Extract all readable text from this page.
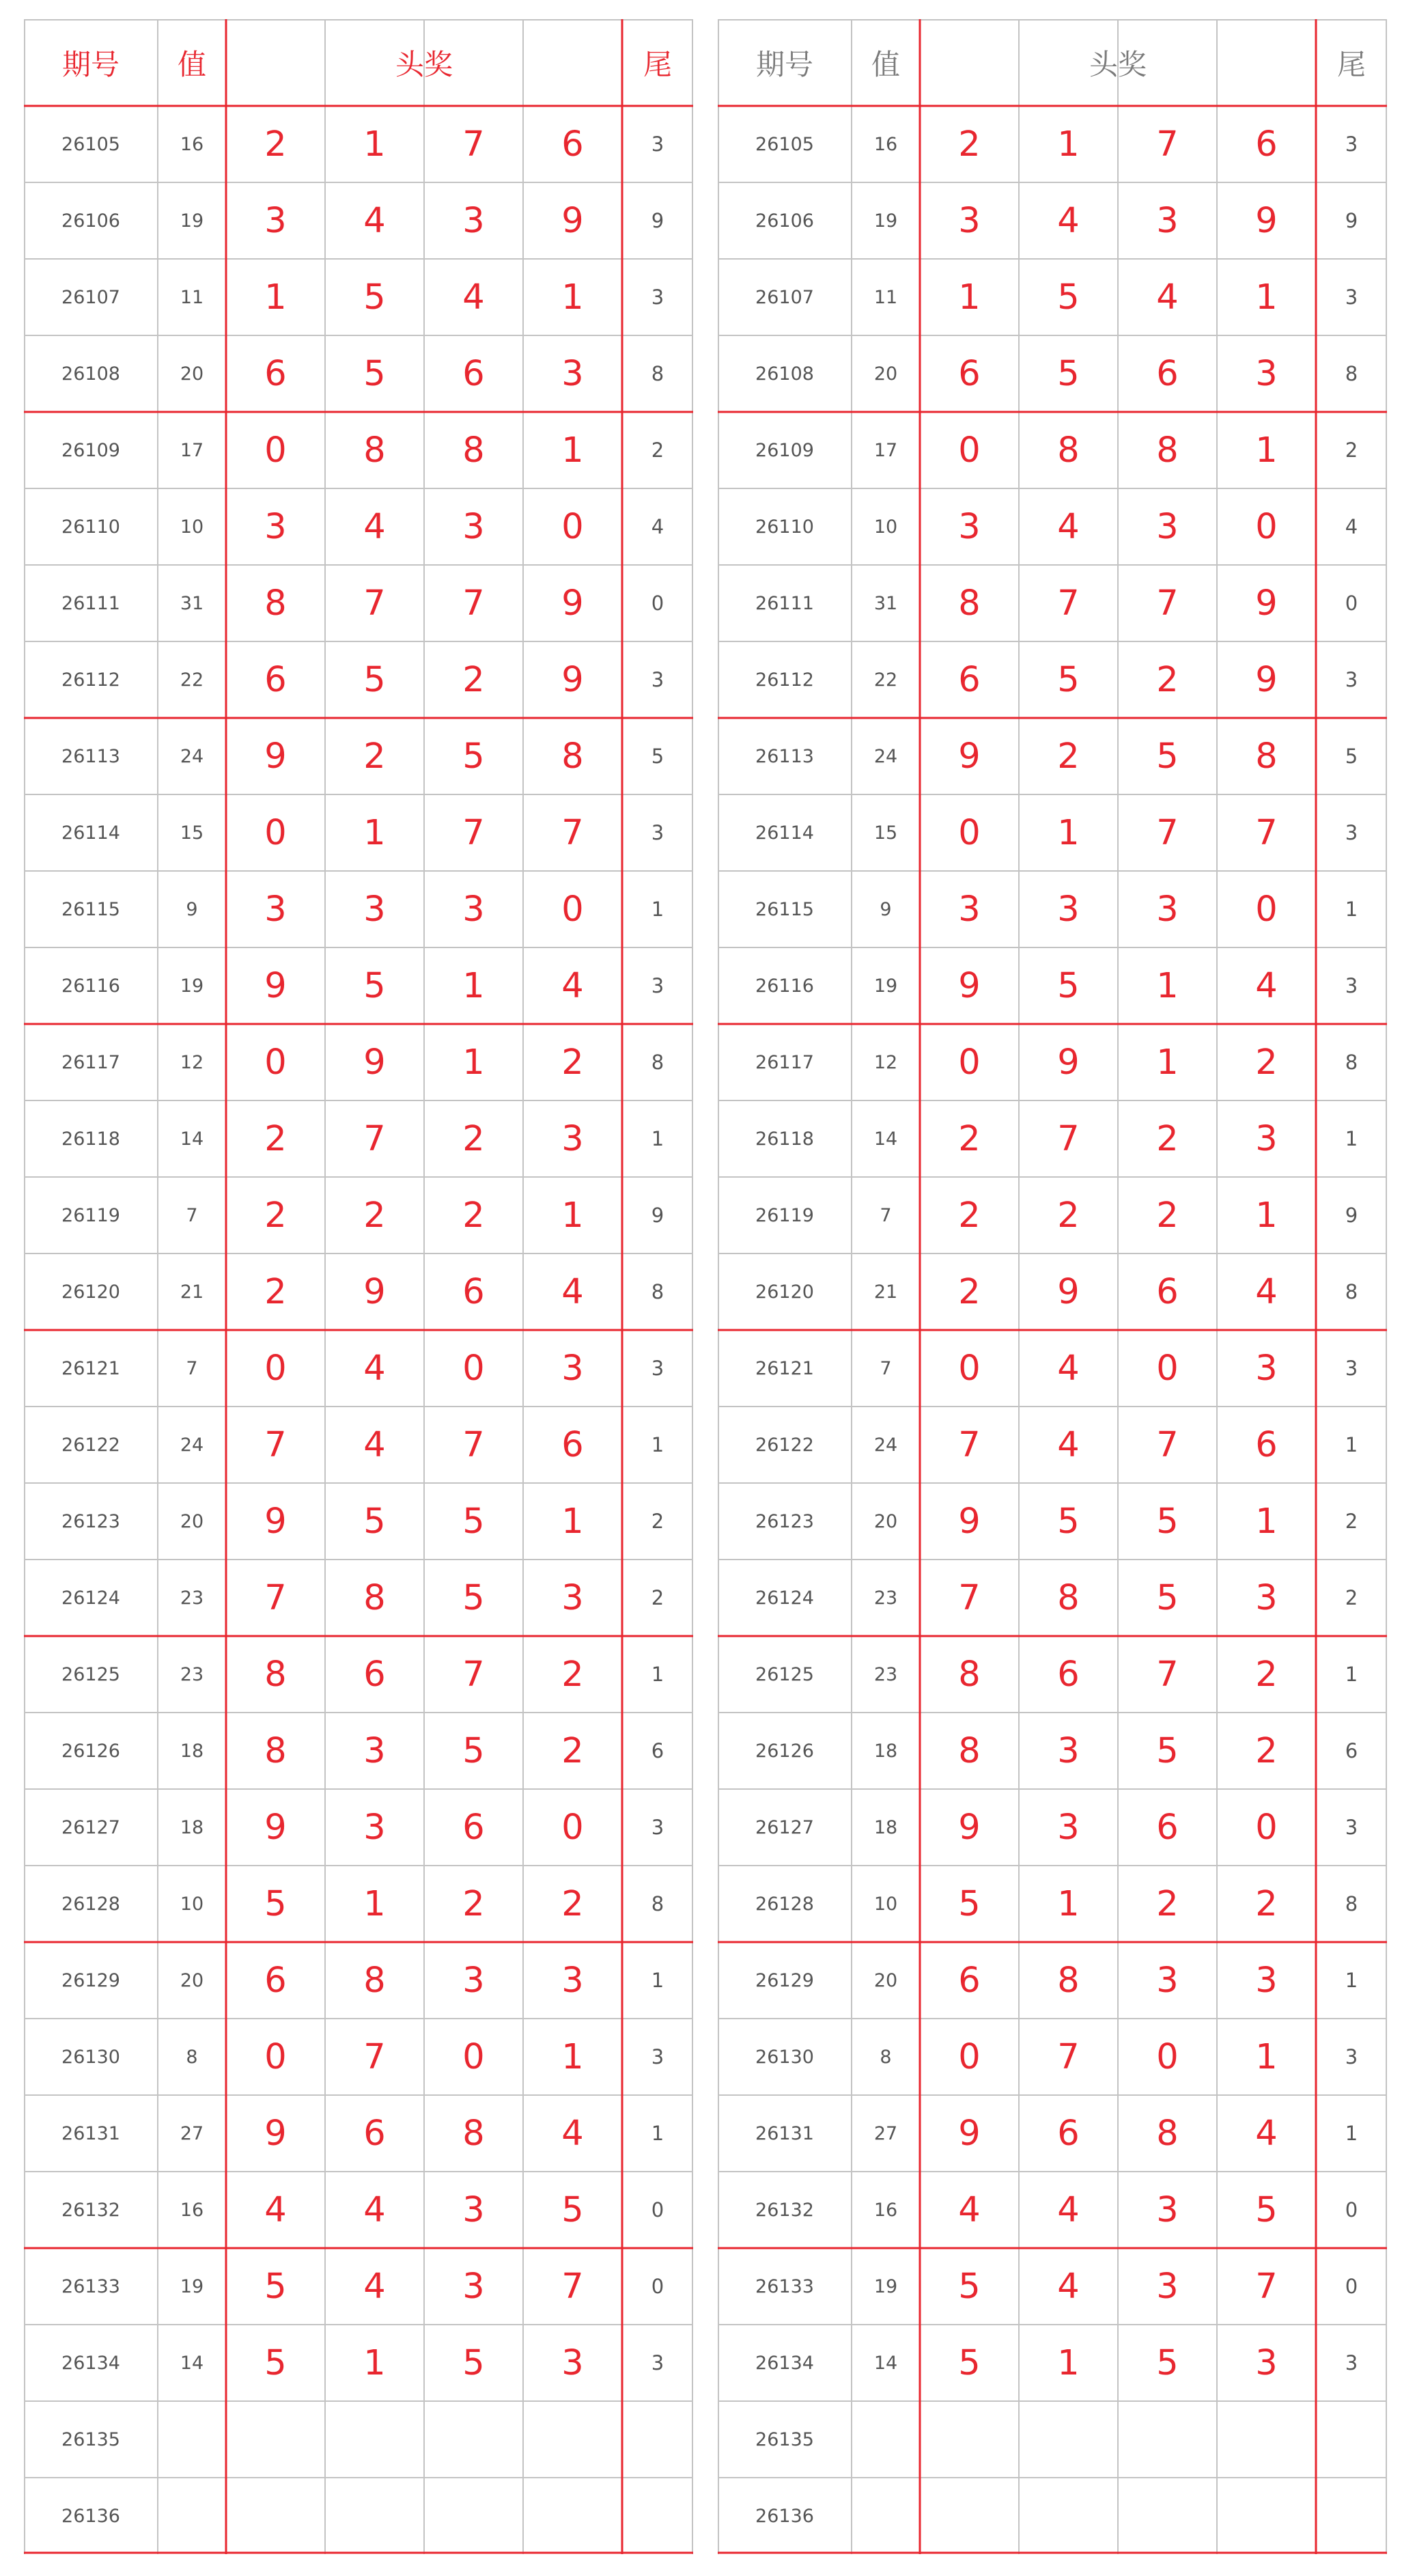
期号	值	头奖	尾
26105	16	2	1	7	6	3
26106	19	3	4	3	9	9
26107	11	1	5	4	1	3
26108	20	6	5	6	3	8
26109	17	0	8	8	1	2
26110	10	3	4	3	0	4
26111	31	8	7	7	9	0
26112	22	6	5	2	9	3
26113	24	9	2	5	8	5
26114	15	0	1	7	7	3
26115	9	3	3	3	0	1
26116	19	9	5	1	4	3
26117	12	0	9	1	2	8
26118	14	2	7	2	3	1
26119	7	2	2	2	1	9
26120	21	2	9	6	4	8
26121	7	0	4	0	3	3
26122	24	7	4	7	6	1
26123	20	9	5	5	1	2
26124	23	7	8	5	3	2
26125	23	8	6	7	2	1
26126	18	8	3	5	2	6
26127	18	9	3	6	0	3
26128	10	5	1	2	2	8
26129	20	6	8	3	3	1
26130	8	0	7	0	1	3
26131	27	9	6	8	4	1
26132	16	4	4	3	5	0
26133	19	5	4	3	7	0
26134	14	5	1	5	3	3
26135
26136
期号	值	头奖	尾
26105	16	2	1	7	6	3
26106	19	3	4	3	9	9
26107	11	1	5	4	1	3
26108	20	6	5	6	3	8
26109	17	0	8	8	1	2
26110	10	3	4	3	0	4
26111	31	8	7	7	9	0
26112	22	6	5	2	9	3
26113	24	9	2	5	8	5
26114	15	0	1	7	7	3
26115	9	3	3	3	0	1
26116	19	9	5	1	4	3
26117	12	0	9	1	2	8
26118	14	2	7	2	3	1
26119	7	2	2	2	1	9
26120	21	2	9	6	4	8
26121	7	0	4	0	3	3
26122	24	7	4	7	6	1
26123	20	9	5	5	1	2
26124	23	7	8	5	3	2
26125	23	8	6	7	2	1
26126	18	8	3	5	2	6
26127	18	9	3	6	0	3
26128	10	5	1	2	2	8
26129	20	6	8	3	3	1
26130	8	0	7	0	1	3
26131	27	9	6	8	4	1
26132	16	4	4	3	5	0
26133	19	5	4	3	7	0
26134	14	5	1	5	3	3
26135
26136
